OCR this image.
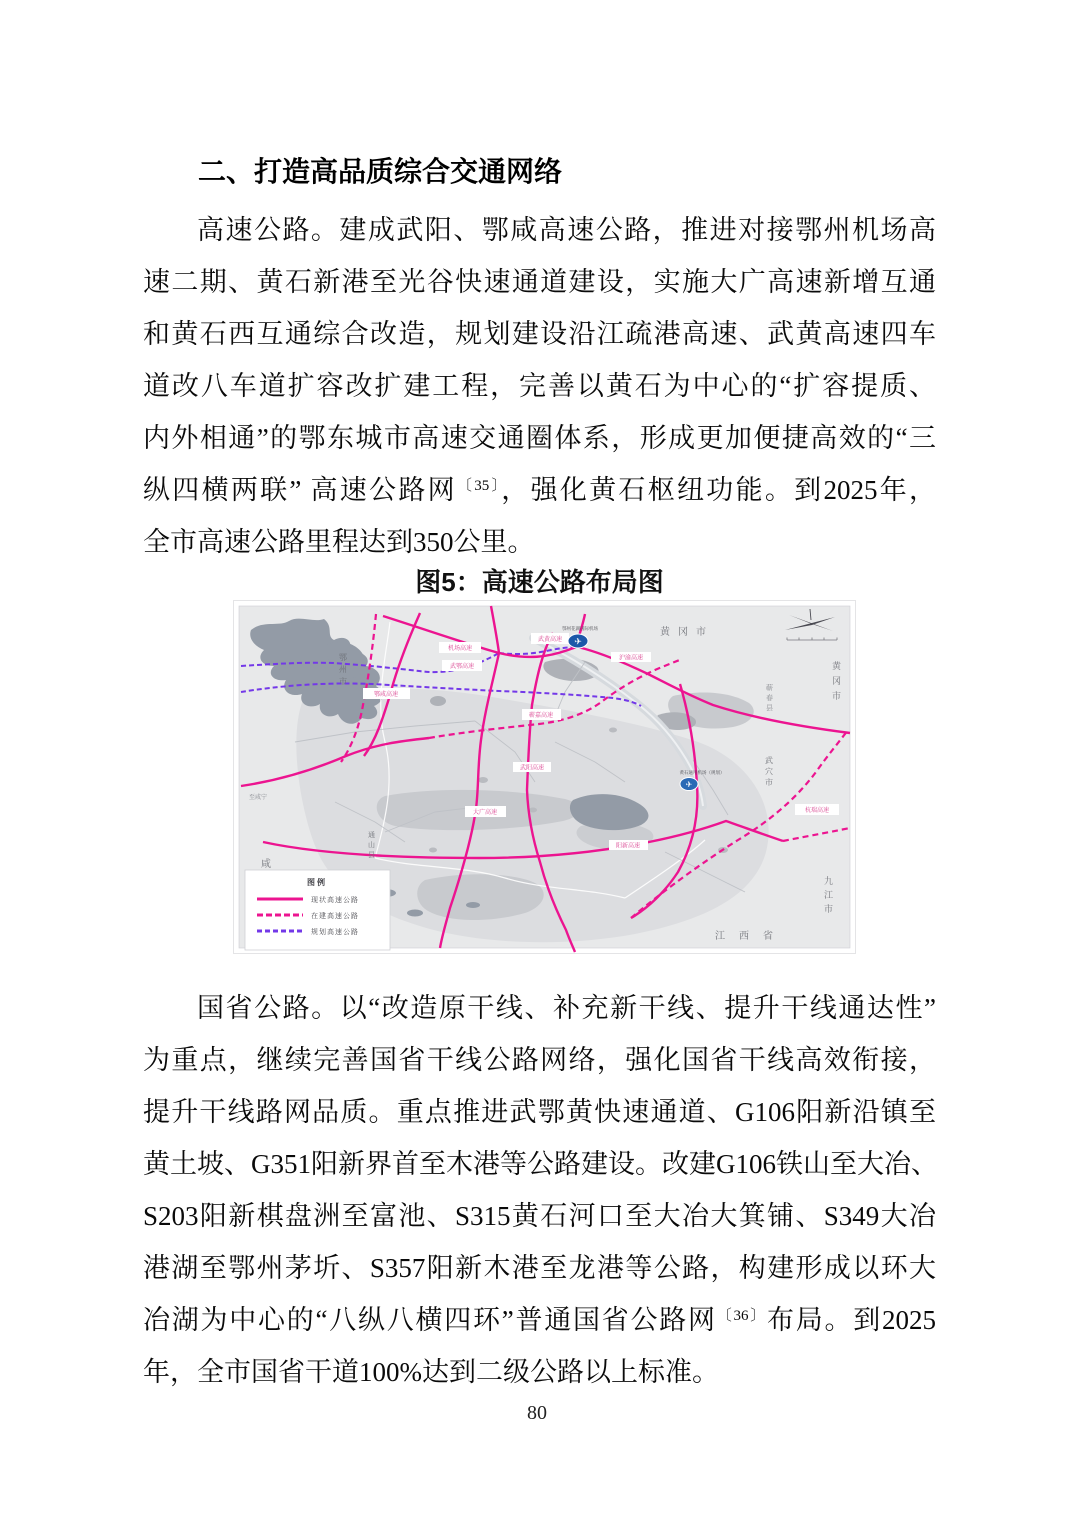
二、打造高品质综合交通网络
高速公路。建成武阳、鄂咸高速公路，推进对接鄂州机场高
速二期、黄石新港至光谷快速通道建设，实施大广高速新增互通
和黄石西互通综合改造，规划建设沿江疏港高速、武黄高速四车
道改八车道扩容改扩建工程，完善以黄石为中心的“扩容提质、
内外相通”的鄂东城市高速交通圈体系，形成更加便捷高效的“三
纵四横两联” 高速公路网$^{〔35〕}$，强化黄石枢纽功能。到2025年，
全市高速公路里程达到350公里。
图5：高速公路布局图
机场高速
武鄂高速
武黄高速
沪渝高速
鄂咸高速
蕲嘉高速
武阳高速
大广高速
阳新高速
杭瑞高速
鄂州花湖国际机场
✈
黄石通用机场（规划）
✈
黄冈市
黄冈市
蕲春县
武穴市
九江市
江西省
通山县
至咸宁
咸
鄂州市
图例
现状高速公路
在建高速公路
规划高速公路
国省公路。以“改造原干线、补充新干线、提升干线通达性”
为重点，继续完善国省干线公路网络，强化国省干线高效衔接，
提升干线路网品质。重点推进武鄂黄快速通道、G106阳新沿镇至
黄土坡、G351阳新界首至木港等公路建设。改建G106铁山至大冶、
S203阳新棋盘洲至富池、S315黄石河口至大冶大箕铺、S349大冶
港湖至鄂州茅圻、S357阳新木港至龙港等公路，构建形成以环大
冶湖为中心的“八纵八横四环”普通国省公路网$^{〔36〕}$布局。到2025
年，全市国省干道100%达到二级公路以上标准。
80
